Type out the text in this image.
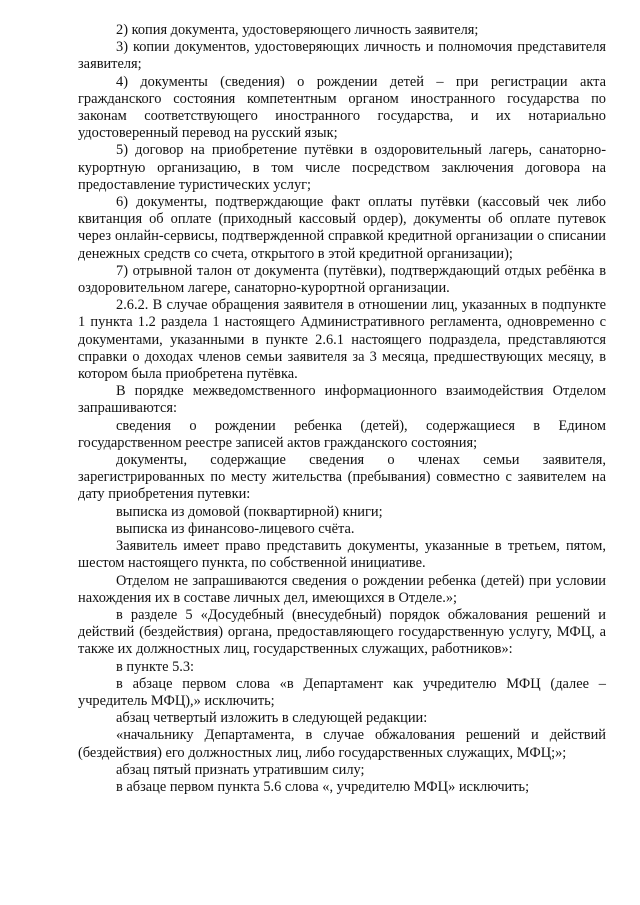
2) копия документа, удостоверяющего личность заявителя;

3) копии документов, удостоверяющих личность и полномочия представителя заявителя;

4) документы (сведения) о рождении детей – при регистрации акта гражданского состояния компетентным органом иностранного государства по законам соответствующего иностранного государства, и их нотариально удостоверенный перевод на русский язык;

5) договор на приобретение путёвки в оздоровительный лагерь, санаторно-курортную организацию, в том числе посредством заключения договора на предоставление туристических услуг;

6) документы, подтверждающие факт оплаты путёвки (кассовый чек либо квитанция об оплате (приходный кассовый ордер), документы об оплате путевок через онлайн-сервисы, подтвержденной справкой кредитной организации о списании денежных средств со счета, открытого в этой кредитной организации);

7) отрывной талон от документа (путёвки), подтверждающий отдых ребёнка в оздоровительном лагере, санаторно-курортной организации.

2.6.2. В случае обращения заявителя в отношении лиц, указанных в подпункте 1 пункта 1.2 раздела 1 настоящего Административного регламента, одновременно с документами, указанными в пункте 2.6.1 настоящего подраздела, представляются справки о доходах членов семьи заявителя за 3 месяца, предшествующих месяцу, в котором была приобретена путёвка.

В порядке межведомственного информационного взаимодействия Отделом запрашиваются:

сведения о рождении ребенка (детей), содержащиеся в Едином государственном реестре записей актов гражданского состояния;

документы, содержащие сведения о членах семьи заявителя, зарегистрированных по месту жительства (пребывания) совместно с заявителем на дату приобретения путевки:

выписка из домовой (поквартирной) книги;

выписка из финансово-лицевого счёта.

Заявитель имеет право представить документы, указанные в третьем, пятом, шестом настоящего пункта, по собственной инициативе.

Отделом не запрашиваются сведения о рождении ребенка (детей) при условии нахождения их в составе личных дел, имеющихся в Отделе.»;

в разделе 5 «Досудебный (внесудебный) порядок обжалования решений и действий (бездействия) органа, предоставляющего государственную услугу, МФЦ, а также их должностных лиц, государственных служащих, работников»:

в пункте 5.3:

в абзаце первом слова «в Департамент как учредителю МФЦ (далее – учредитель МФЦ),» исключить;

абзац четвертый изложить в следующей редакции:

«начальнику Департамента, в случае обжалования решений и действий (бездействия) его должностных лиц, либо государственных служащих, МФЦ;»;

абзац пятый признать утратившим силу;

в абзаце первом пункта 5.6 слова «, учредителю МФЦ» исключить;
